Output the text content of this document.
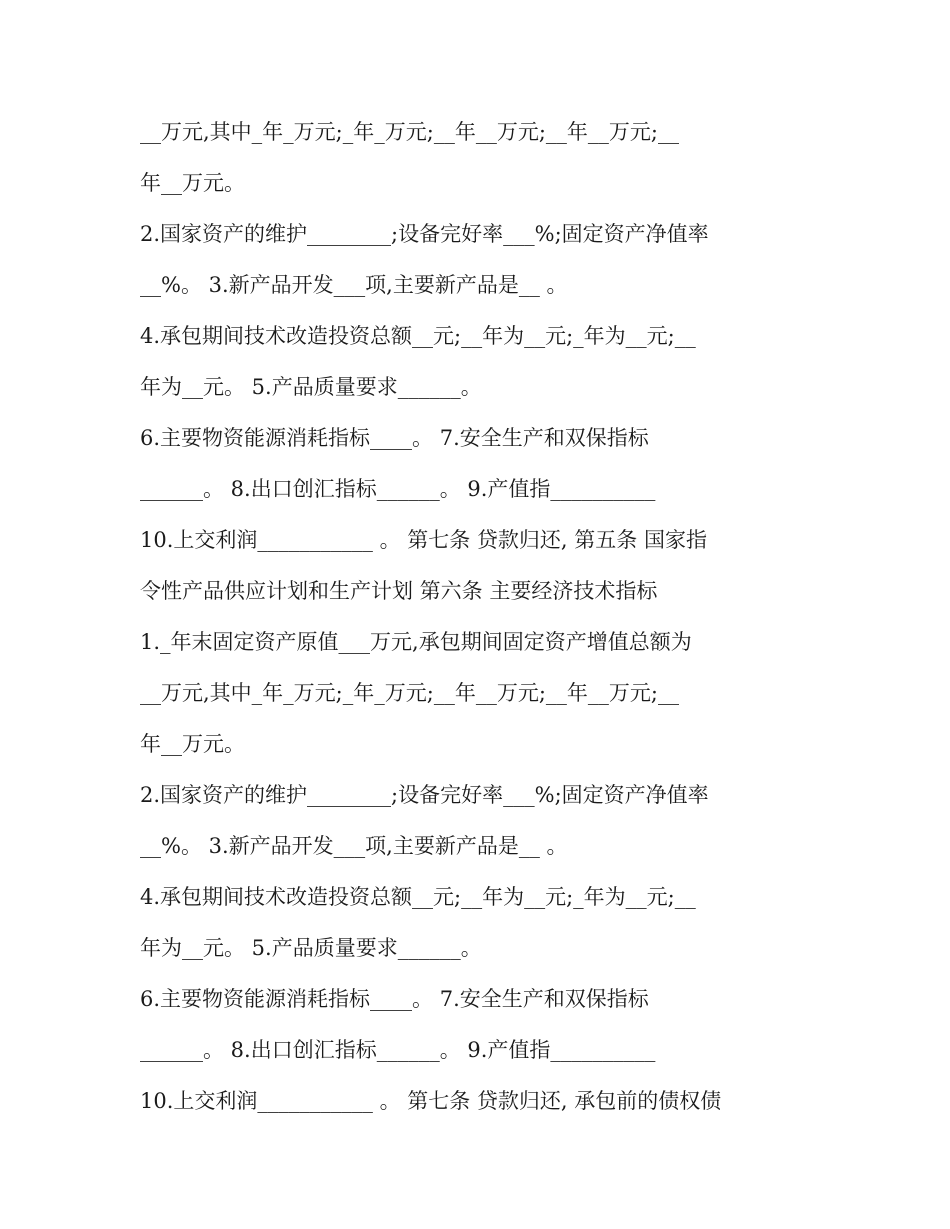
__万元,其中_年_万元;_年_万元;__年__万元;__年__万元;__
年__万元。
2.国家资产的维护________;设备完好率___%;固定资产净值率
__%。 3.新产品开发___项,主要新产品是__ 。
4.承包期间技术改造投资总额__元;__年为__元;_年为__元;__
年为__元。 5.产品质量要求______。
6.主要物资能源消耗指标____。 7.安全生产和双保指标
______。 8.出口创汇指标______。 9.产值指__________
10.上交利润___________ 。 第七条 贷款归还, 第五条 国家指
令性产品供应计划和生产计划 第六条 主要经济技术指标
1._年末固定资产原值___万元,承包期间固定资产增值总额为
__万元,其中_年_万元;_年_万元;__年__万元;__年__万元;__
年__万元。
2.国家资产的维护________;设备完好率___%;固定资产净值率
__%。 3.新产品开发___项,主要新产品是__ 。
4.承包期间技术改造投资总额__元;__年为__元;_年为__元;__
年为__元。 5.产品质量要求______。
6.主要物资能源消耗指标____。 7.安全生产和双保指标
______。 8.出口创汇指标______。 9.产值指__________
10.上交利润___________ 。 第七条 贷款归还, 承包前的债权债
